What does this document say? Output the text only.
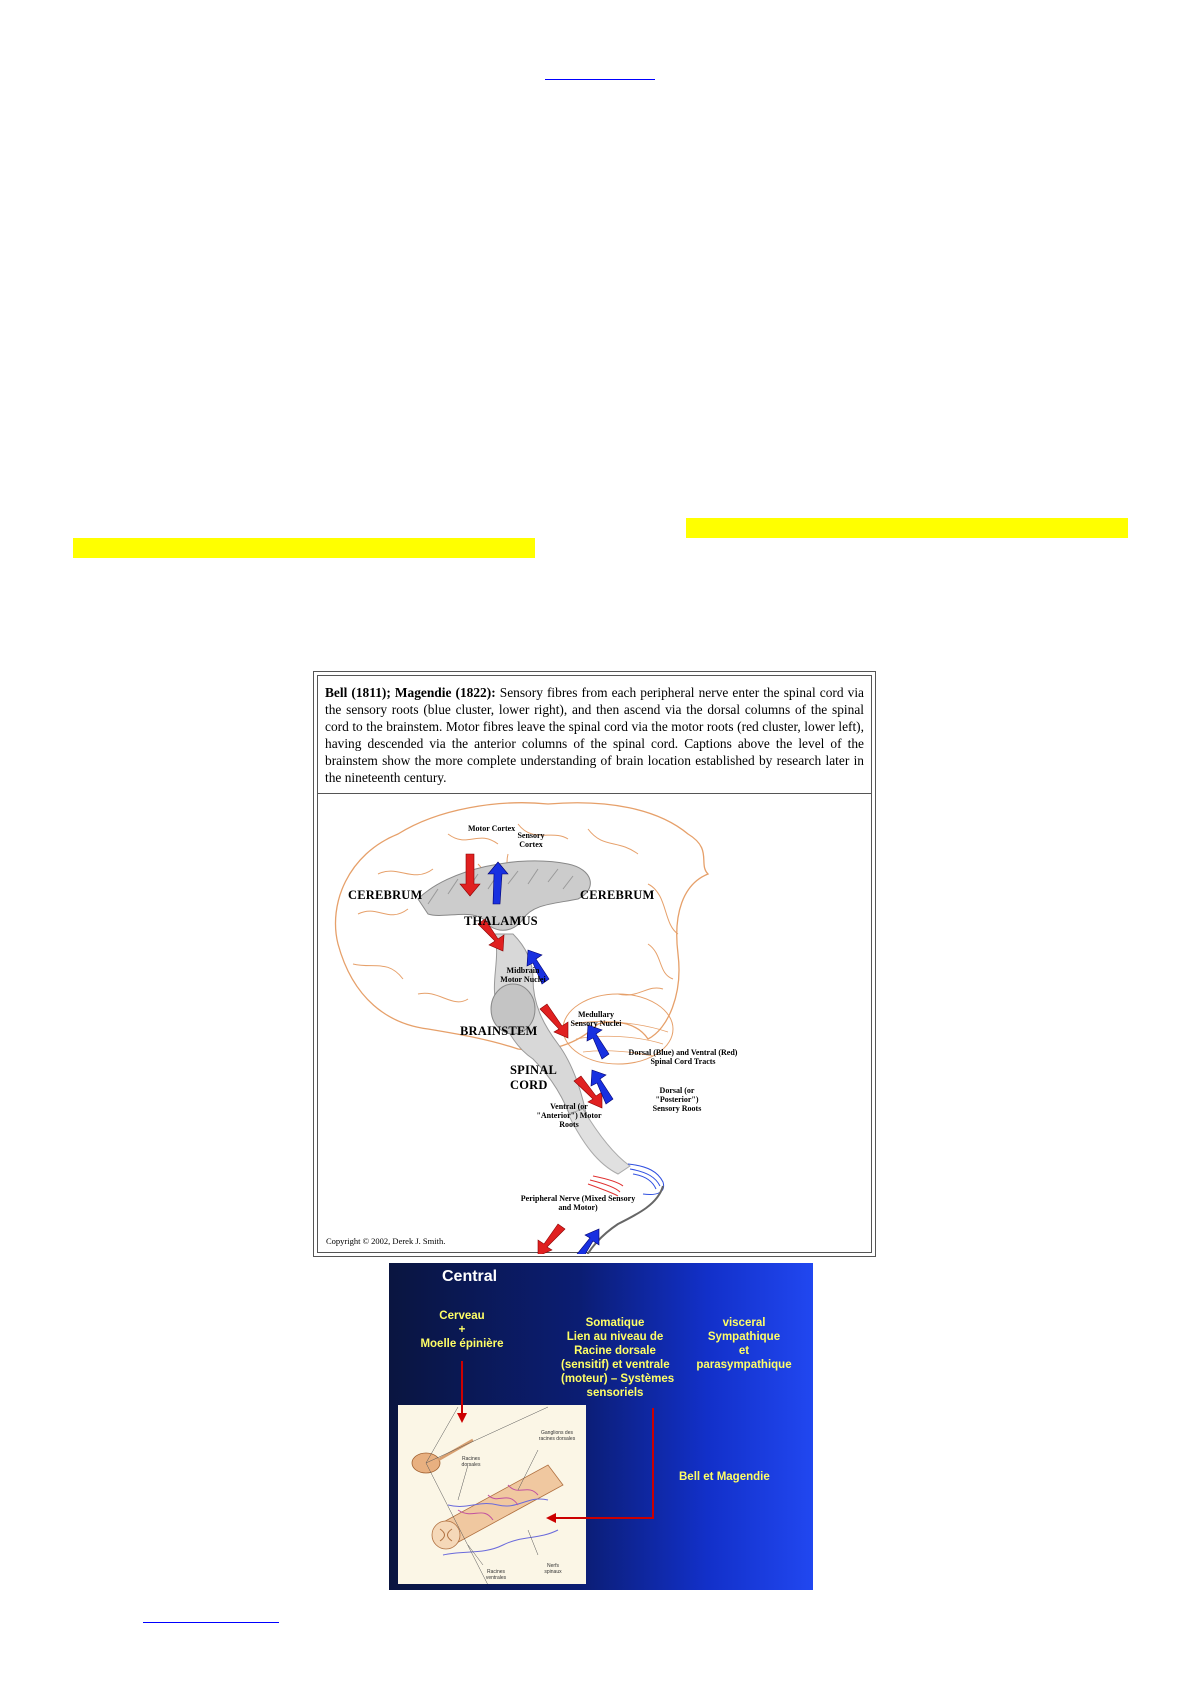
Bell (1811); Magendie (1822): Sensory fibres from each peripheral nerve enter the spinal cord via the sensory roots (blue cluster, lower right), and then ascend via the dorsal columns of the spinal cord to the brainstem. Motor fibres leave the spinal cord via the motor roots (red cluster, lower left), having descended via the anterior columns of the spinal cord. Captions above the level of the brainstem show the more complete understanding of brain location established by research later in the nineteenth century.
Motor Cortex
Sensory Cortex
CEREBRUM	CEREBRUM
THALAMUS
Midbrain Motor Nuclei
Medullary Sensory Nuclei
BRAINSTEM
SPINAL CORD
Dorsal (Blue) and Ventral (Red) Spinal Cord Tracts
Dorsal (or "Posterior") Sensory Roots
Ventral (or "Anterior") Motor Roots
Peripheral Nerve (Mixed Sensory and Motor)
Copyright © 2002, Derek J. Smith.
Central
Cerveau
+
Moelle épinière
Somatique
Lien au niveau de
Racine dorsale
(sensitif) et ventrale
(moteur) – Systèmes
sensoriels
visceral
Sympathique
et
parasympathique
Bell et Magendie
Racines dorsales
Ganglions des racines dorsales
Racines ventrales
Nerfs spinaux
